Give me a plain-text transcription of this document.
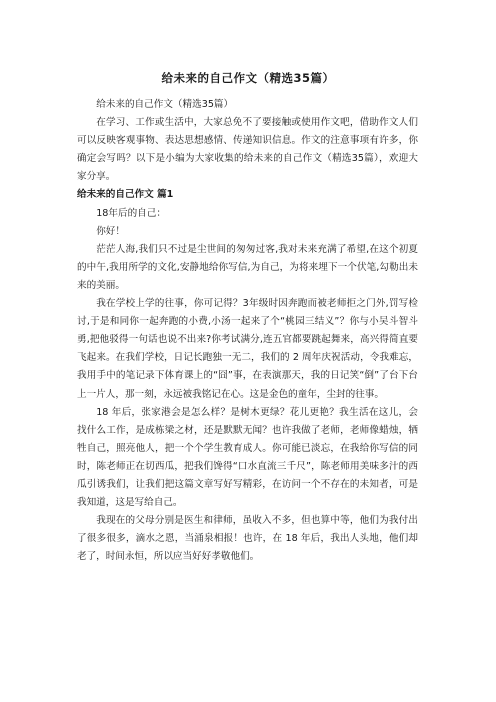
给未来的自己作文（精选35篇）

给未来的自己作文（精选35篇）

在学习、工作或生活中，大家总免不了要接触或使用作文吧，借助作文人们可以反映客观事物、表达思想感情、传递知识信息。作文的注意事项有许多，你确定会写吗？以下是小编为大家收集的给未来的自己作文（精选35篇），欢迎大家分享。

给未来的自己作文 篇1

18年后的自己：

你好！

茫茫人海,我们只不过是尘世间的匆匆过客,我对未来充满了希望,在这个初夏的中午,我用所学的文化,安静地给你写信,为自己，为将来埋下一个伏笔,勾勒出未来的美丽。

我在学校上学的往事，你可记得？3年级时因奔跑而被老师拒之门外,罚写检讨,于是和同你一起奔跑的小费,小汤一起来了个“桃园三结义”？你与小吴斗智斗勇,把他驳得一句话也说不出来?你考试满分,连五官都要跳起舞来，高兴得简直要飞起来。在我们学校，日记长跑独一无二，我们的 2 周年庆祝活动，令我难忘，我用手中的笔记录下体育课上的“囧”事，在表演那天，我的日记笑“倒”了台下台上一片人，那一刻，永远被我铭记在心。这是金色的童年，尘封的往事。

18 年后，张家港会是怎么样？是树木更绿？花儿更艳？我生活在这儿，会找什么工作，是成栋梁之材，还是默默无闻？也许我做了老师，老师像蜡烛，牺牲自己，照亮他人，把一个个学生教育成人。你可能已淡忘，在我给你写信的同时，陈老师正在切西瓜，把我们馋得“口水直流三千尺”，陈老师用美味多汁的西瓜引诱我们，让我们把这篇文章写好写精彩，在访问一个不存在的未知者，可是我知道，这是写给自己。

我现在的父母分别是医生和律师，虽收入不多，但也算中等，他们为我付出了很多很多，滴水之恩，当涌泉相报！也许，在 18 年后，我出人头地，他们却老了，时间永恒，所以应当好好孝敬他们。
